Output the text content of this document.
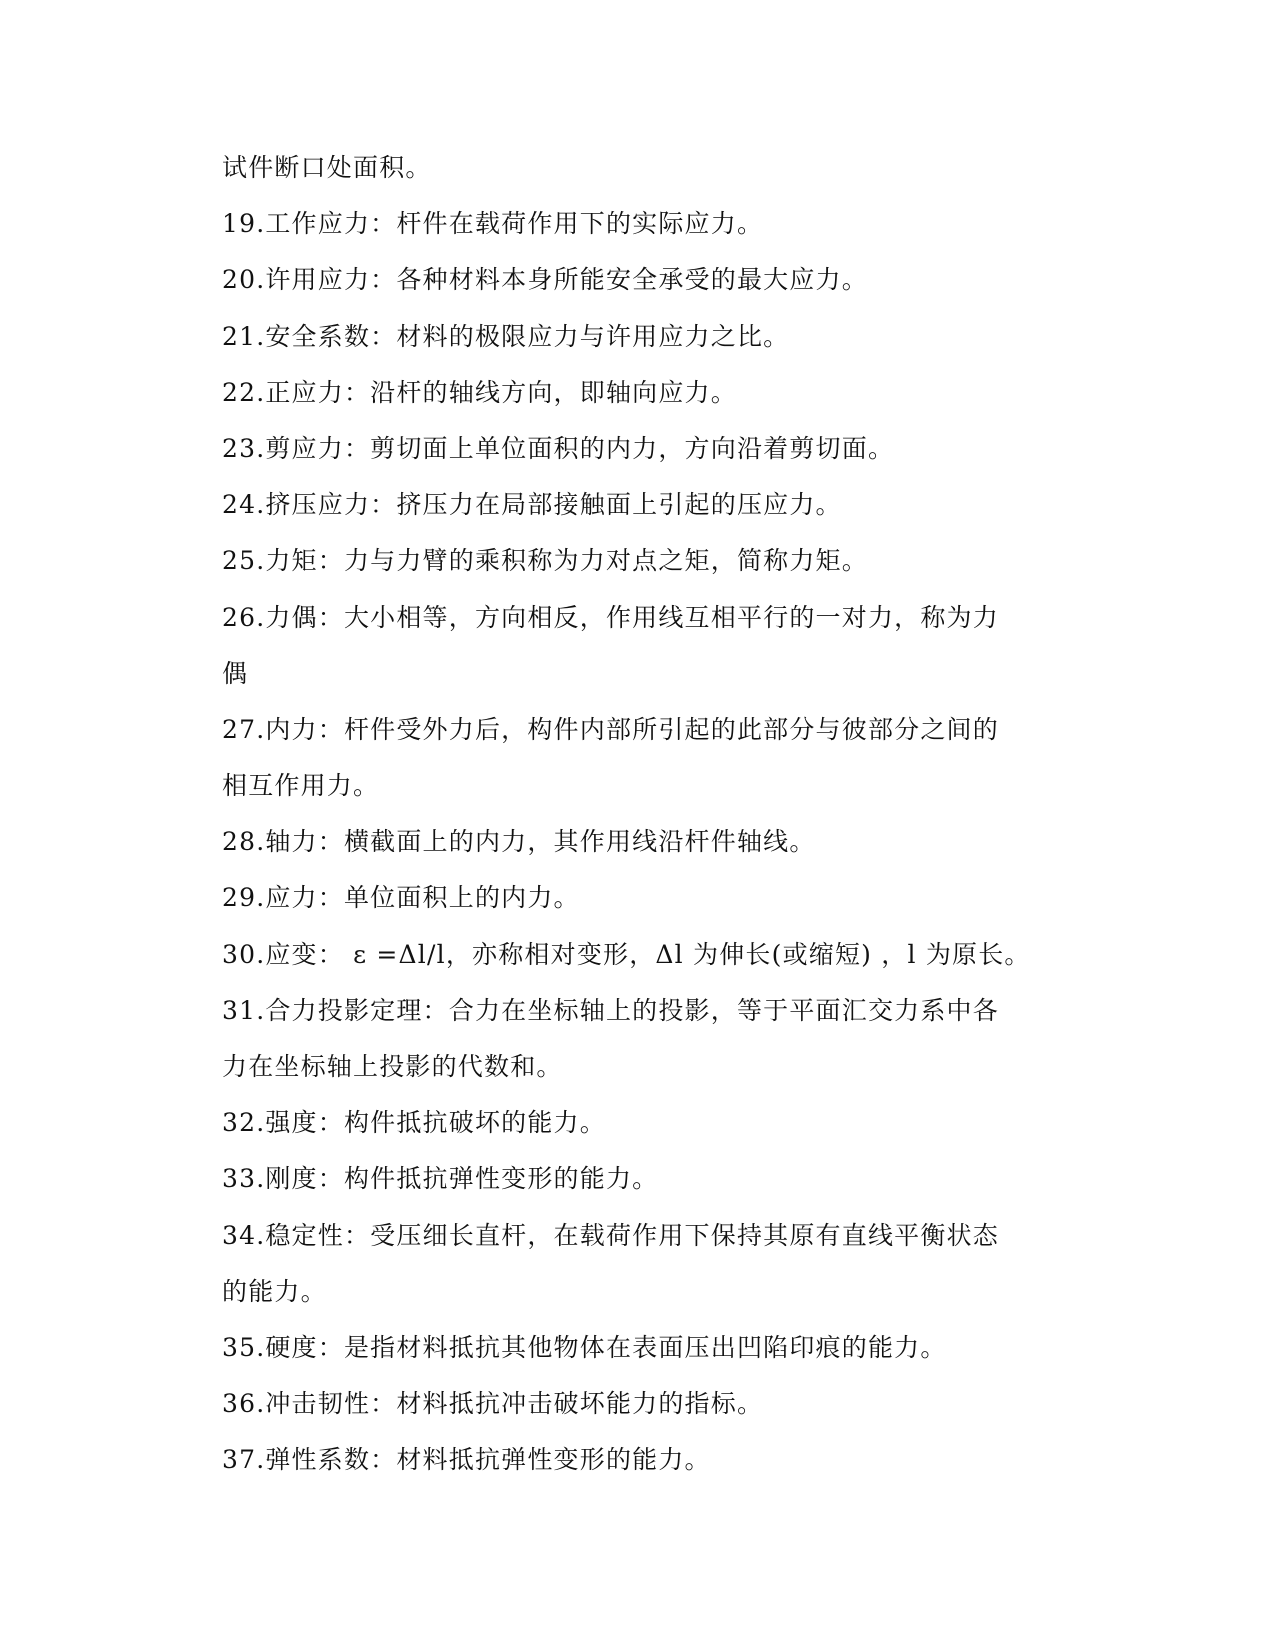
试件断口处面积。
19.工作应力：杆件在载荷作用下的实际应力。
20.许用应力：各种材料本身所能安全承受的最大应力。
21.安全系数：材料的极限应力与许用应力之比。
22.正应力：沿杆的轴线方向，即轴向应力。
23.剪应力：剪切面上单位面积的内力，方向沿着剪切面。
24.挤压应力：挤压力在局部接触面上引起的压应力。
25.力矩：力与力臂的乘积称为力对点之矩，简称力矩。
26.力偶：大小相等，方向相反，作用线互相平行的一对力，称为力
偶
27.内力：杆件受外力后，构件内部所引起的此部分与彼部分之间的
相互作用力。
28.轴力：横截面上的内力，其作用线沿杆件轴线。
29.应力：单位面积上的内力。
30.应变： ε =Δl/l，亦称相对变形，Δl 为伸长(或缩短) ，l 为原长。
31.合力投影定理：合力在坐标轴上的投影，等于平面汇交力系中各
力在坐标轴上投影的代数和。
32.强度：构件抵抗破坏的能力。
33.刚度：构件抵抗弹性变形的能力。
34.稳定性：受压细长直杆，在载荷作用下保持其原有直线平衡状态
的能力。
35.硬度：是指材料抵抗其他物体在表面压出凹陷印痕的能力。
36.冲击韧性：材料抵抗冲击破坏能力的指标。
37.弹性系数：材料抵抗弹性变形的能力。
